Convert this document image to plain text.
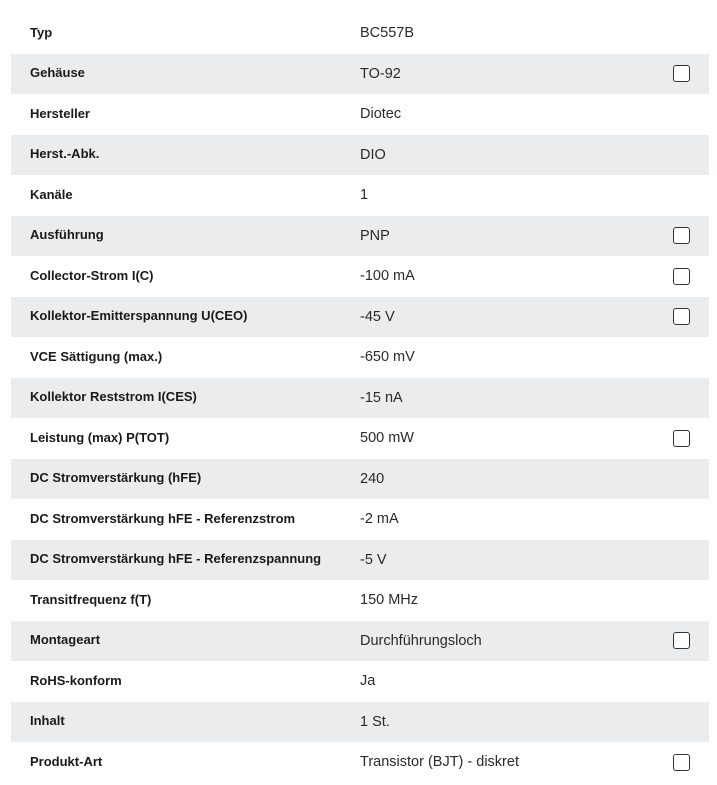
Typ	BC557B
Gehäuse	TO-92
Hersteller	Diotec
Herst.-Abk.	DIO
Kanäle	1
Ausführung	PNP
Collector-Strom I(C)	-100 mA
Kollektor-Emitterspannung U(CEO)	-45 V
VCE Sättigung (max.)	-650 mV
Kollektor Reststrom I(CES)	-15 nA
Leistung (max) P(TOT)	500 mW
DC Stromverstärkung (hFE)	240
DC Stromverstärkung hFE - Referenzstrom	-2 mA
DC Stromverstärkung hFE - Referenzspannung	-5 V
Transitfrequenz f(T)	150 MHz
Montageart	Durchführungsloch
RoHS-konform	Ja
Inhalt	1 St.
Produkt-Art	Transistor (BJT) - diskret
